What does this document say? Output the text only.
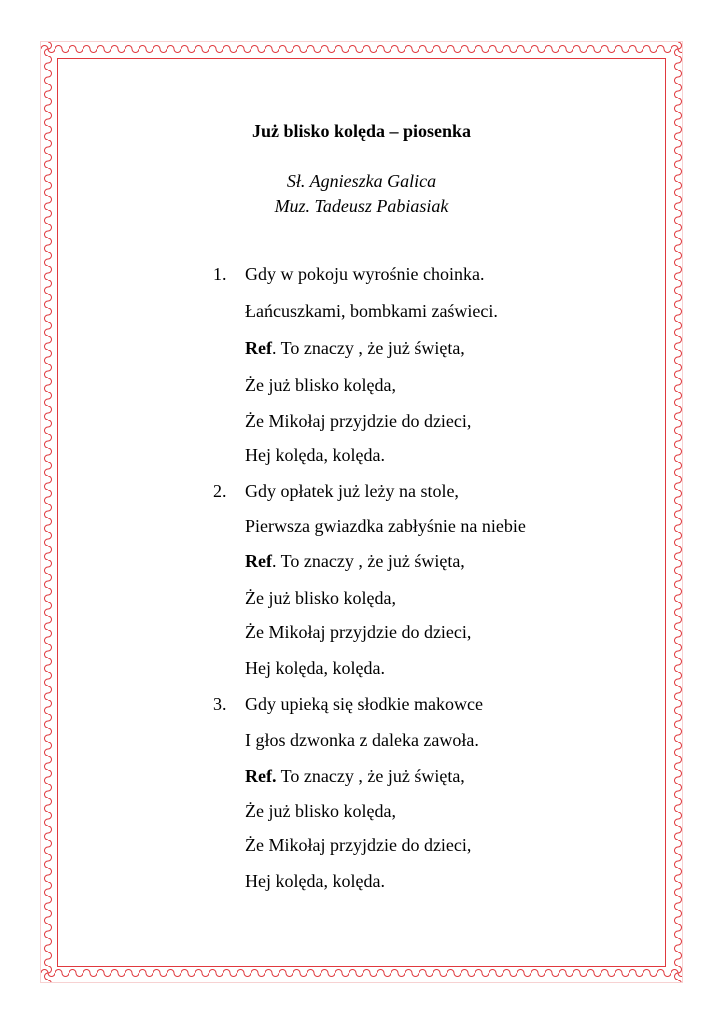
Już blisko kolęda – piosenka
Sł. Agnieszka Galica
Muz. Tadeusz Pabiasiak
1. Gdy w pokoju wyrośnie choinka.
Łańcuszkami, bombkami zaświeci.
Ref. To znaczy , że już święta,
Że już blisko kolęda,
Że Mikołaj przyjdzie do dzieci,
Hej kolęda, kolęda.
2. Gdy opłatek już leży na stole,
Pierwsza gwiazdka zabłyśnie na niebie
Ref. To znaczy , że już święta,
Że już blisko kolęda,
Że Mikołaj przyjdzie do dzieci,
Hej kolęda, kolęda.
3. Gdy upieką się słodkie makowce
I głos dzwonka z daleka zawoła.
Ref. To znaczy , że już święta,
Że już blisko kolęda,
Że Mikołaj przyjdzie do dzieci,
Hej kolęda, kolęda.
